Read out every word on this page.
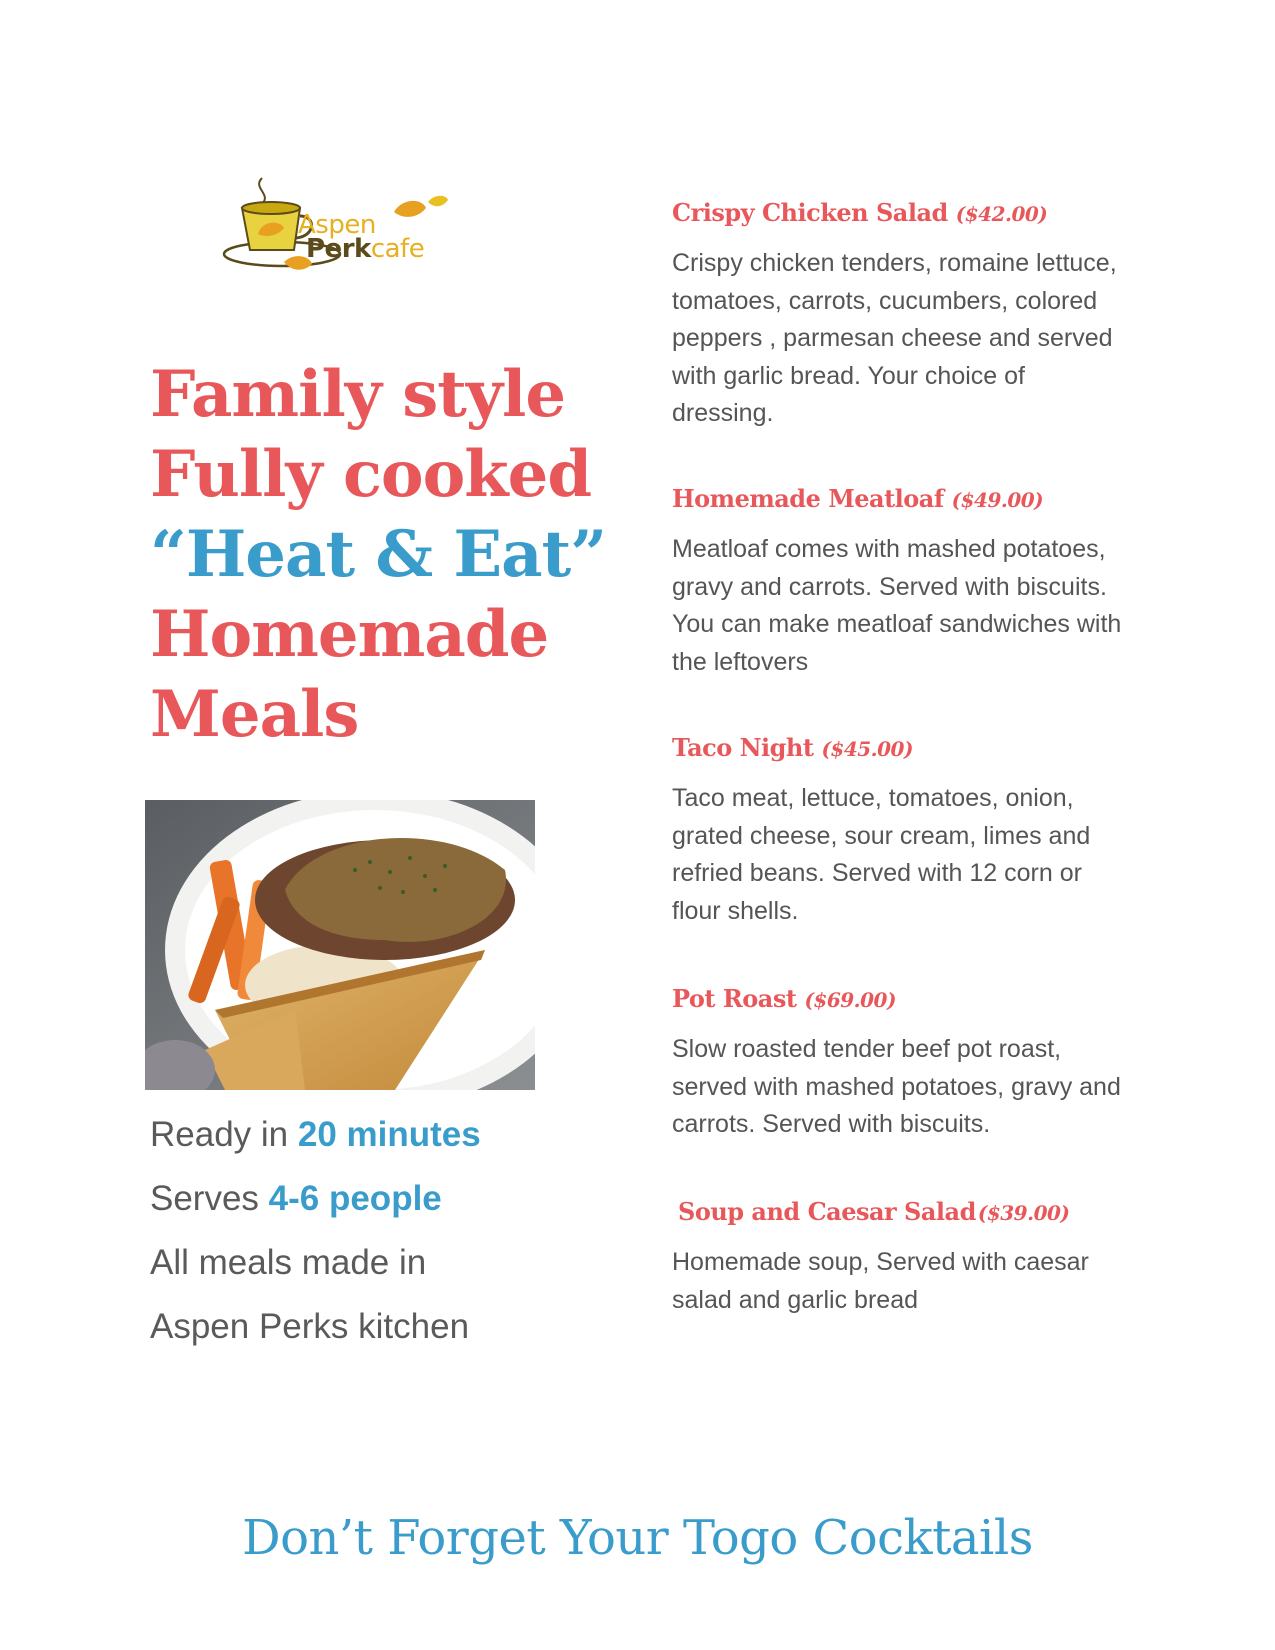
Aspen
Perkcafe
Family style
Fully cooked
“Heat & Eat”
Homemade
Meals
Ready in 20 minutes
Serves 4-6 people
All meals made in
Aspen Perks kitchen
Crispy Chicken Salad ($42.00)
Crispy chicken tenders, romaine lettuce, tomatoes, carrots, cucumbers, colored peppers , parmesan cheese and served with garlic bread. Your choice of dressing.
Homemade Meatloaf ($49.00)
Meatloaf comes with mashed potatoes, gravy and carrots. Served with biscuits. You can make meatloaf sandwiches with the leftovers
Taco Night ($45.00)
Taco meat, lettuce, tomatoes, onion, grated cheese, sour cream, limes and refried beans. Served with 12 corn or flour shells.
Pot Roast ($69.00)
Slow roasted tender beef pot roast, served with mashed potatoes, gravy and carrots. Served with biscuits.
Soup and Caesar Salad ($39.00)
Homemade soup, Served with caesar salad and garlic bread
Don’t Forget Your Togo Cocktails
